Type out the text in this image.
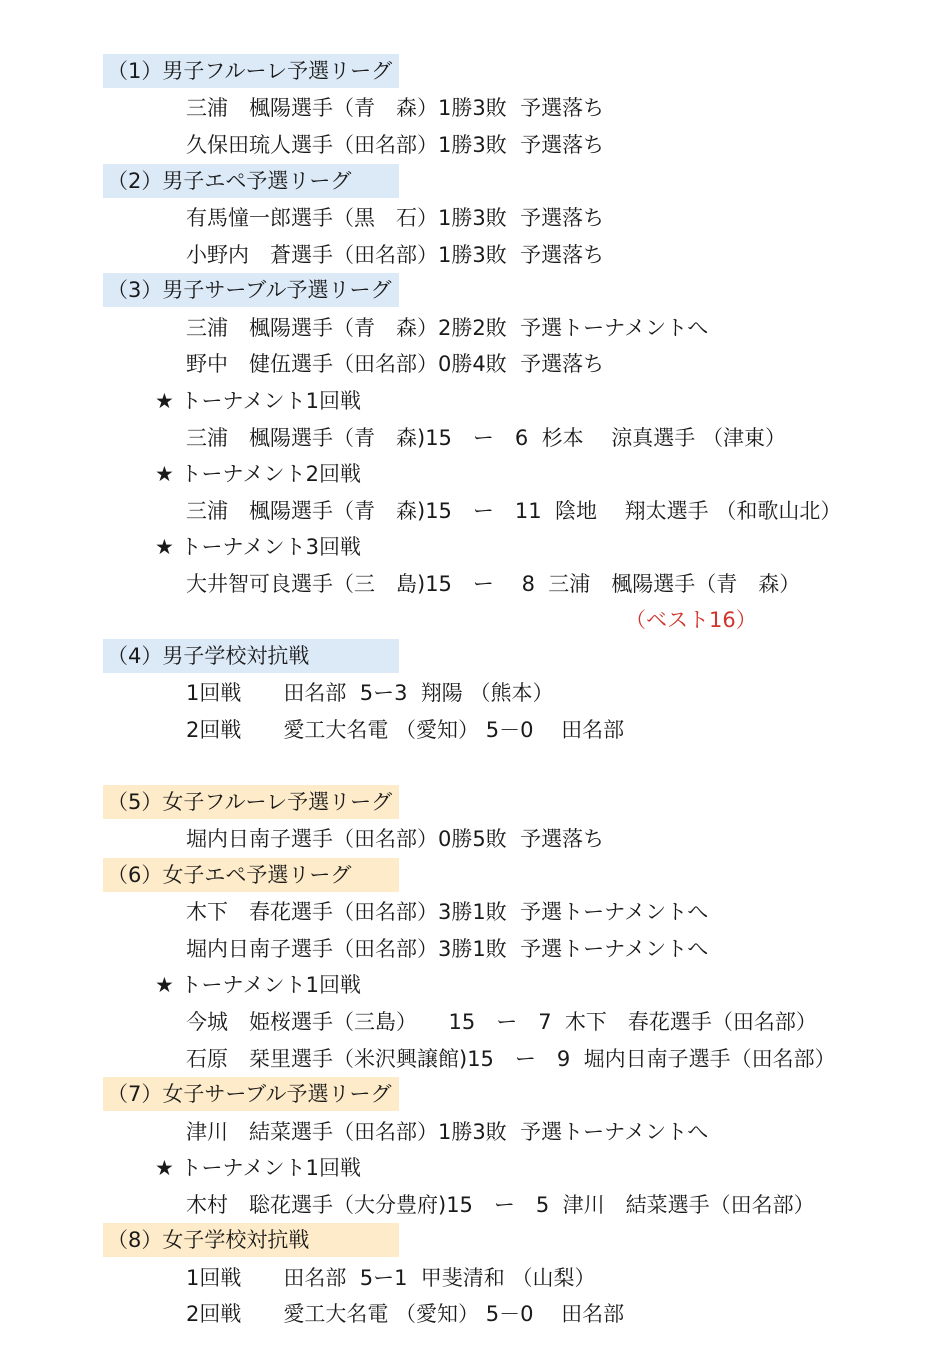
（1）男子フルーレ予選リーグ
三浦　楓陽選手（青　森）1勝3敗  予選落ち
久保田琉人選手（田名部）1勝3敗  予選落ち
（2）男子エペ予選リーグ
有馬憧一郎選手（黒　石）1勝3敗  予選落ち
小野内　蒼選手（田名部）1勝3敗  予選落ち
（3）男子サーブル予選リーグ
三浦　楓陽選手（青　森）2勝2敗  予選トーナメントへ
野中　健伍選手（田名部）0勝4敗  予選落ち
★ トーナメント1回戦
三浦　楓陽選手（青　森)15　ー　6  杉本　 涼真選手 （津東）
★ トーナメント2回戦
三浦　楓陽選手（青　森)15　ー　11  陰地　 翔太選手 （和歌山北）
★ トーナメント3回戦
大井智可良選手（三　島)15　ー　 8  三浦　楓陽選手（青　森）
（ベスト16）
（4）男子学校対抗戦
1回戦　　田名部  5ー3  翔陽 （熊本）
2回戦　　愛工大名電 （愛知） 5－0 　田名部
（5）女子フルーレ予選リーグ
堀内日南子選手（田名部）0勝5敗  予選落ち
（6）女子エペ予選リーグ
木下　春花選手（田名部）3勝1敗  予選トーナメントへ
堀内日南子選手（田名部）3勝1敗  予選トーナメントへ
★ トーナメント1回戦
今城　姫桜選手（三島）　　15　ー　7  木下　春花選手（田名部）
石原　栞里選手（米沢興譲館)15　ー　9  堀内日南子選手（田名部）
（7）女子サーブル予選リーグ
津川　結菜選手（田名部）1勝3敗  予選トーナメントへ
★ トーナメント1回戦
木村　聡花選手（大分豊府)15　ー　5  津川　結菜選手（田名部）
（8）女子学校対抗戦
1回戦　　田名部  5ー1  甲斐清和 （山梨）
2回戦　　愛工大名電 （愛知） 5－0 　田名部
